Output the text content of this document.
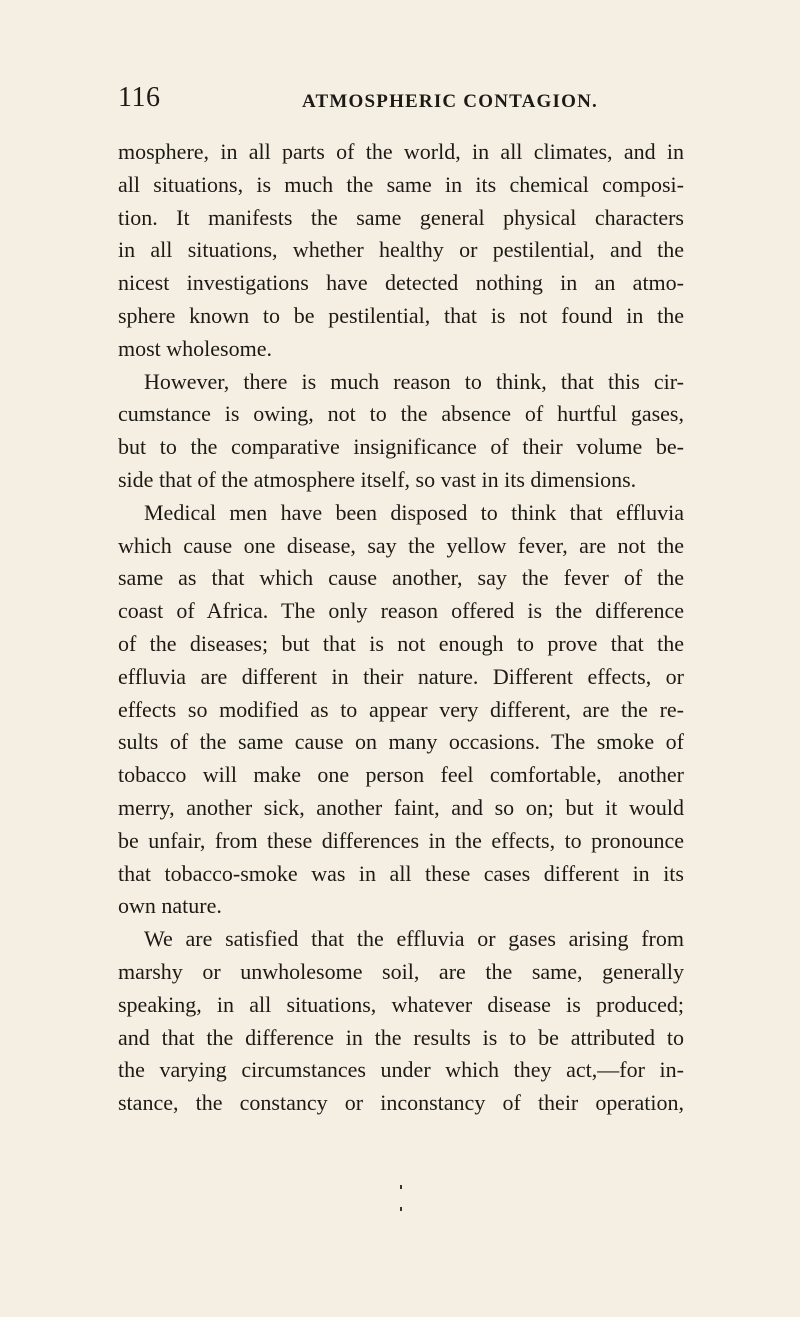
116	ATMOSPHERIC CONTAGION.
mosphere, in all parts of the world, in all climates, and in
all situations, is much the same in its chemical composi-
tion. It manifests the same general physical characters
in all situations, whether healthy or pestilential, and the
nicest investigations have detected nothing in an atmo-
sphere known to be pestilential, that is not found in the
most wholesome.
However, there is much reason to think, that this cir-
cumstance is owing, not to the absence of hurtful gases,
but to the comparative insignificance of their volume be-
side that of the atmosphere itself, so vast in its dimensions.
Medical men have been disposed to think that effluvia
which cause one disease, say the yellow fever, are not the
same as that which cause another, say the fever of the
coast of Africa. The only reason offered is the difference
of the diseases; but that is not enough to prove that the
effluvia are different in their nature. Different effects, or
effects so modified as to appear very different, are the re-
sults of the same cause on many occasions. The smoke of
tobacco will make one person feel comfortable, another
merry, another sick, another faint, and so on; but it would
be unfair, from these differences in the effects, to pronounce
that tobacco-smoke was in all these cases different in its
own nature.
We are satisfied that the effluvia or gases arising from
marshy or unwholesome soil, are the same, generally
speaking, in all situations, whatever disease is produced;
and that the difference in the results is to be attributed to
the varying circumstances under which they act,—for in-
stance, the constancy or inconstancy of their operation,
